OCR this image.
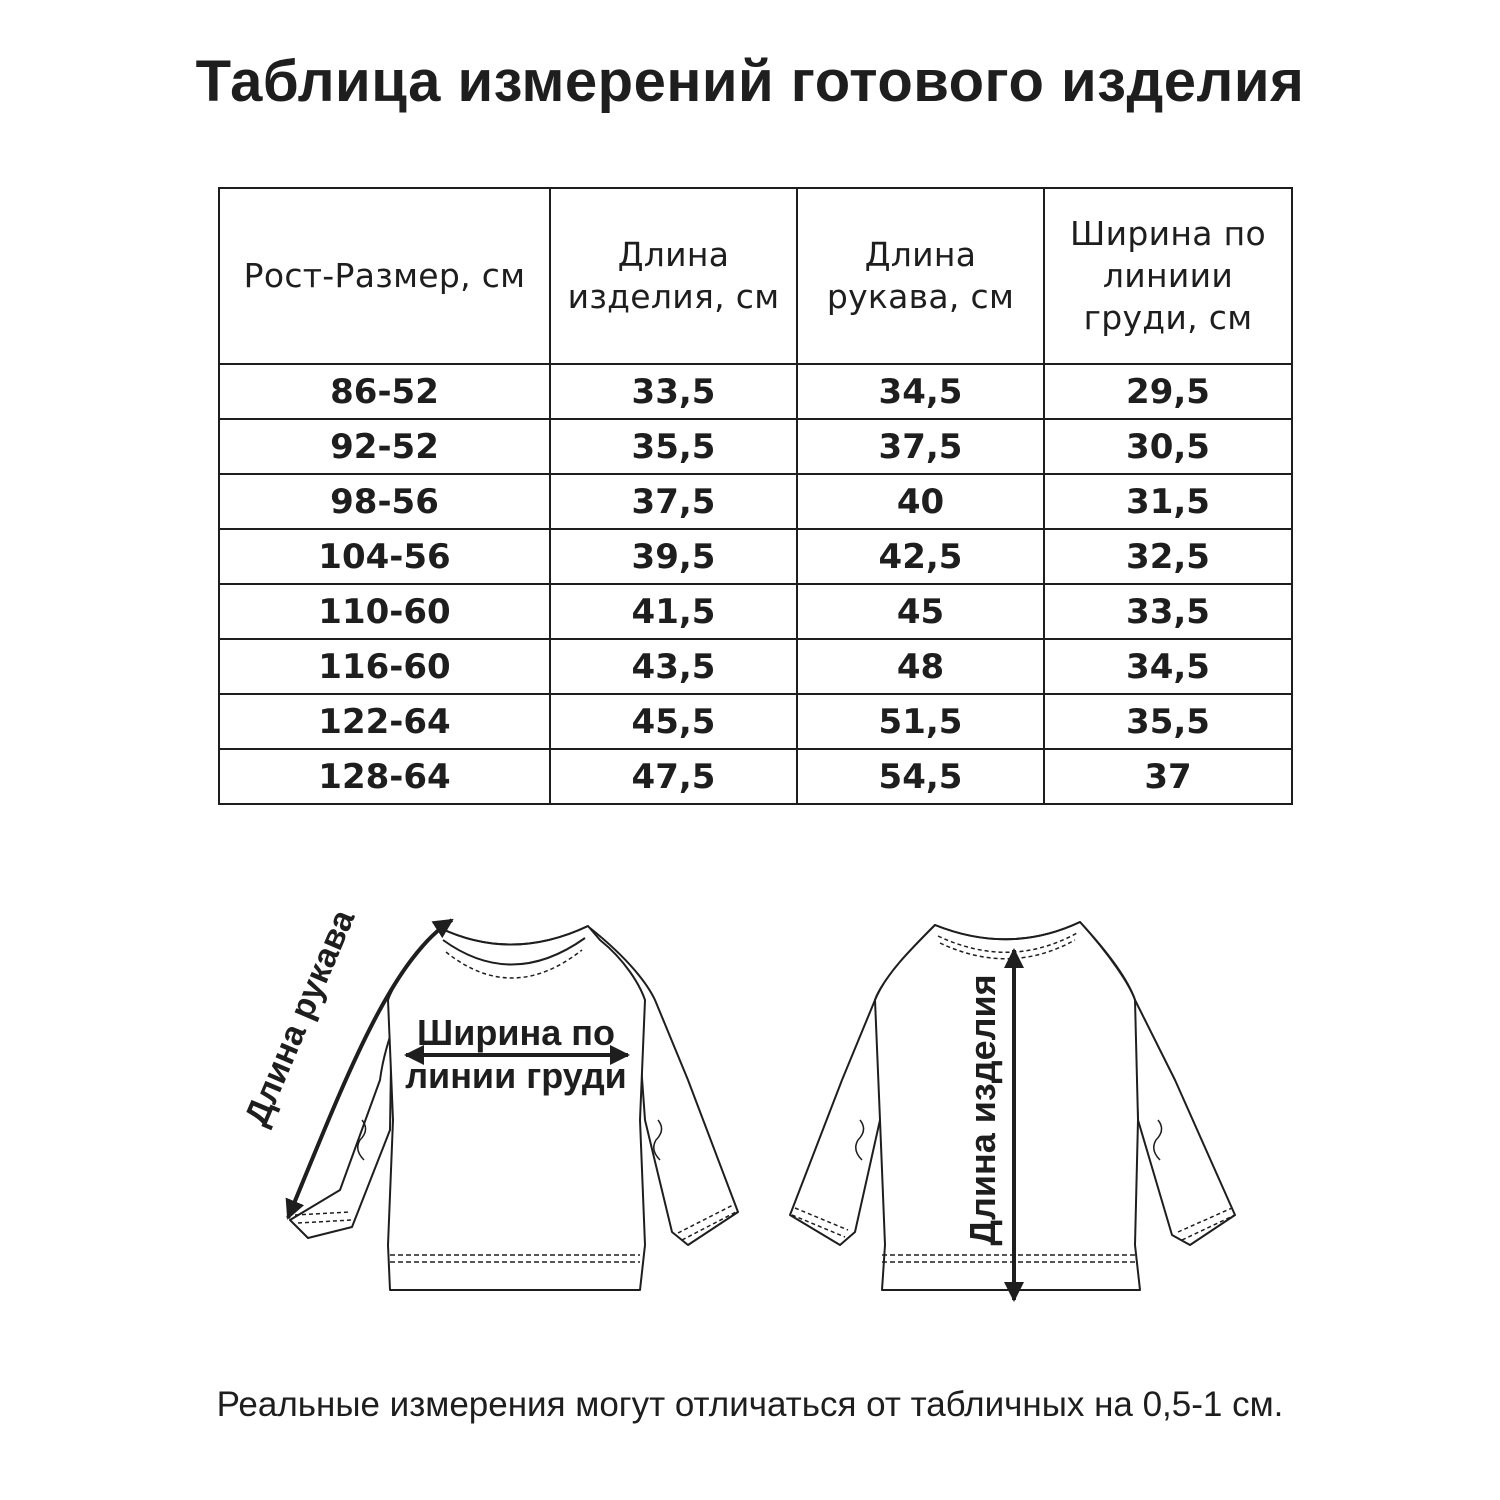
Таблица измерений готового изделия
Рост-Размер, см	Длина изделия, см	Длина рукава, см	Ширина по линиии груди, см
86-52	33,5	34,5	29,5
92-52	35,5	37,5	30,5
98-56	37,5	40	31,5
104-56	39,5	42,5	32,5
110-60	41,5	45	33,5
116-60	43,5	48	34,5
122-64	45,5	51,5	35,5
128-64	47,5	54,5	37
Длина рукава Ширина по
линии груди	Длина изделия

Реальные измерения могут отличаться от табличных на 0,5-1 см.
